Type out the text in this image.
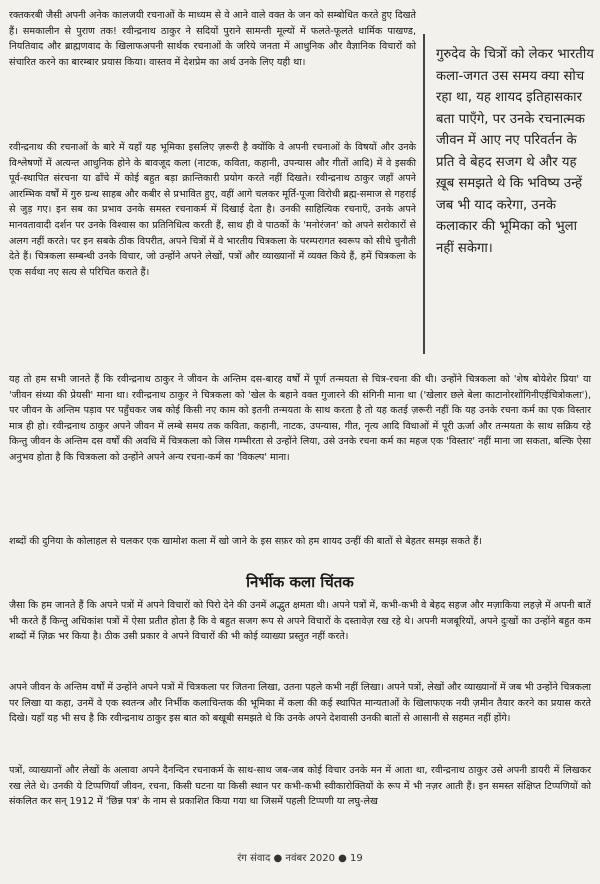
रक्तकरबी जैसी अपनी अनेक कालजयी रचनाओं के माध्यम से वे आने वाले वक्त के जन को सम्बोधित करते हुए दिखते हैं। समकालीन से पुराण तक! रवीन्द्रनाथ ठाकुर ने सदियों पुराने सामन्ती मूल्यों में फलते-फूलते धार्मिक पाखण्ड, नियतिवाद और ब्राह्मणवाद के खिलाफअपनी सार्थक रचनाओं के जरिये जनता में आधुनिक और वैज्ञानिक विचारों को संचारित करने का बारम्बार प्रयास किया। वास्तव में देशप्रेम का अर्थ उनके लिए यही था।

रवीन्द्रनाथ की रचनाओं के बारे में यहाँ यह भूमिका इसलिए ज़रूरी है क्योंकि वे अपनी रचनाओं के विषयों और उनके विश्लेषणों में अत्यन्त आधुनिक होने के बावजूद कला (नाटक, कविता, कहानी, उपन्यास और गीतों आदि) में वे इसकी पूर्व-स्थापित संरचना या ढाँचे में कोई बहुत बड़ा क्रान्तिकारी प्रयोग करते नहीं दिखते। रवीन्द्रनाथ ठाकुर जहाँ अपने आरम्भिक वर्षों में गुरु ग्रन्थ साहब और कबीर से प्रभावित हुए, वहीं आगे चलकर मूर्ति-पूजा विरोधी ब्रह्म-समाज से गहराई से जुड़ गए। इन सब का प्रभाव उनके समस्त रचनाकर्म में दिखाई देता है। उनकी साहित्यिक रचनाएँ, उनके अपने मानवतावादी दर्शन पर उनके विश्वास का प्रतिनिधित्व करती हैं, साथ ही वे पाठकों के 'मनोरंजन' को अपने सरोकारों से अलग नहीं करते। पर इन सबके ठीक विपरीत, अपने चित्रों में वे भारतीय चित्रकला के परम्परागत स्वरूप को सीधे चुनौती देते हैं। चित्रकला सम्बन्धी उनके विचार, जो उन्होंने अपने लेखों, पत्रों और व्याख्यानों में व्यक्त किये हैं, हमें चित्रकला के एक सर्वथा नए सत्य से परिचित कराते हैं।

गुरुदेव के चित्रों को लेकर भारतीय कला-जगत उस समय क्या सोच रहा था, यह शायद इतिहासकार बता पाएँगे, पर उनके रचनात्मक जीवन में आए नए परिवर्तन के प्रति वे बेहद सजग थे और यह ख़ूब समझते थे कि भविष्य उन्हें जब भी याद करेगा, उनके कलाकार की भूमिका को भुला नहीं सकेगा।

यह तो हम सभी जानते हैं कि रवीन्द्रनाथ ठाकुर ने जीवन के अन्तिम दस-बारह वर्षों में पूर्ण तन्मयता से चित्र-रचना की थी। उन्होंने चित्रकला को 'शेष बोयेशेर प्रिया' या 'जीवन संध्या की प्रेयसी' माना था। रवीन्द्रनाथ ठाकुर ने चित्रकला को 'खेल के बहाने वक्त गुजारने की संगिनी माना था ('खेलार छले बेला काटानोरशोंगिनीएईचित्रोकला'), पर जीवन के अन्तिम पड़ाव पर पहुँचकर जब कोई किसी नए काम को इतनी तन्मयता के साथ करता है तो यह कतई ज़रूरी नहीं कि यह उनके रचना कर्म का एक विस्तार मात्र ही हो। रवीन्द्रनाथ ठाकुर अपने जीवन में लम्बे समय तक कविता, कहानी, नाटक, उपन्यास, गीत, नृत्य आदि विधाओं में पूरी ऊर्जा और तन्मयता के साथ सक्रिय रहे किन्तु जीवन के अन्तिम दस वर्षों की अवधि में चित्रकला को जिस गम्भीरता से उन्होंने लिया, उसे उनके रचना कर्म का महज एक 'विस्तार' नहीं माना जा सकता, बल्कि ऐसा अनुभव होता है कि चित्रकला को उन्होंने अपने अन्य रचना-कर्म का 'विकल्प' माना।

शब्दों की दुनिया के कोलाहल से चलकर एक खामोश कला में खो जाने के इस सफ़र को हम शायद उन्हीं की बातों से बेहतर समझ सकते हैं।

निर्भीक कला चिंतक

जैसा कि हम जानते हैं कि अपने पत्रों में अपने विचारों को पिरो देने की उनमें अद्भुत क्षमता थी। अपने पत्रों में, कभी-कभी वे बेहद सहज और मज़ाकिया लहज़े में अपनी बातें भी करते हैं किन्तु अधिकांश पत्रों में ऐसा प्रतीत होता है कि वे बहुत सजग रूप से अपने विचारों के दस्तावेज़ रख रहे थे। अपनी मजबूरियों, अपने दुःखों का उन्होंने बहुत कम शब्दों में ज़िक्र भर किया है। ठीक उसी प्रकार वे अपने विचारों की भी कोई व्याख्या प्रस्तुत नहीं करते।

अपने जीवन के अन्तिम वर्षों में उन्होंने अपने पत्रों में चित्रकला पर जितना लिखा, उतना पहले कभी नहीं लिखा। अपने पत्रों, लेखों और व्याख्यानों में जब भी उन्होंने चित्रकला पर लिखा या कहा, उनमें वे एक स्वतन्त्र और निर्भीक कलाचिन्तक की भूमिका में कला की कई स्थापित मान्यताओं के खिलाफएक नयी ज़मीन तैयार करने का प्रयास करते दिखे। यहाँ यह भी सच है कि रवीन्द्रनाथ ठाकुर इस बात को बखूबी समझते थे कि उनके अपने देशवासी उनकी बातों से आसानी से सहमत नहीं होंगे।

पत्रों, व्याख्यानों और लेखों के अलावा अपने दैनन्दिन रचनाकर्म के साथ-साथ जब-जब कोई विचार उनके मन में आता था, रवीन्द्रनाथ ठाकुर उसे अपनी डायरी में लिखकर रख लेते थे। उनकी ये टिप्पणियाँ जीवन, रचना, किसी घटना या किसी स्थान पर कभी-कभी स्वीकारोक्तियों के रूप में भी नज़र आती हैं। इन समस्त संक्षिप्त टिप्पणियों को संकलित कर सन् 1912 में 'छिन्न पत्र' के नाम से प्रकाशित किया गया था जिसमें पहली टिप्पणी या लघु-लेख

रंग संवाद ● नवंबर 2020 ● 19
